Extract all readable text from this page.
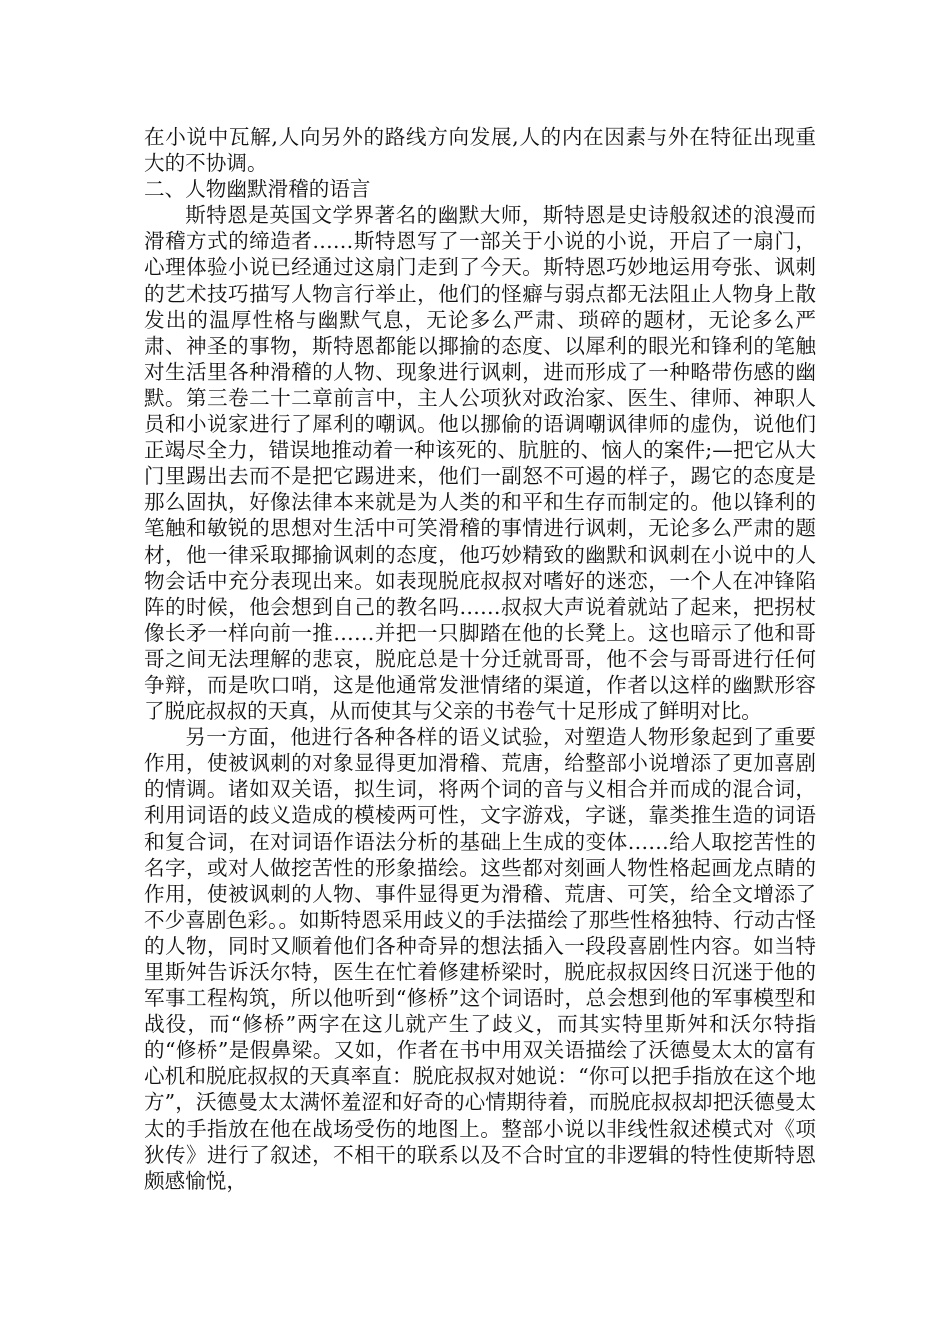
在小说中瓦解,人向另外的路线方向发展,人的内在因素与外在特征出现重大的不协调。

二、人物幽默滑稽的语言

斯特恩是英国文学界著名的幽默大师，斯特恩是史诗般叙述的浪漫而滑稽方式的缔造者……斯特恩写了一部关于小说的小说，开启了一扇门，心理体验小说已经通过这扇门走到了今天。斯特恩巧妙地运用夸张、讽刺的艺术技巧描写人物言行举止，他们的怪癖与弱点都无法阻止人物身上散发出的温厚性格与幽默气息，无论多么严肃、琐碎的题材，无论多么严肃、神圣的事物，斯特恩都能以揶揄的态度、以犀利的眼光和锋利的笔触对生活里各种滑稽的人物、现象进行讽刺，进而形成了一种略带伤感的幽默。第三卷二十二章前言中，主人公项狄对政治家、医生、律师、神职人员和小说家进行了犀利的嘲讽。他以挪偷的语调嘲讽律师的虚伪，说他们正竭尽全力，错误地推动着一种该死的、肮脏的、恼人的案件;—把它从大门里踢出去而不是把它踢进来，他们一副怒不可遏的样子，踢它的态度是那么固执，好像法律本来就是为人类的和平和生存而制定的。他以锋利的笔触和敏锐的思想对生活中可笑滑稽的事情进行讽刺，无论多么严肃的题材，他一律采取揶揄讽刺的态度，他巧妙精致的幽默和讽刺在小说中的人物会话中充分表现出来。如表现脱庇叔叔对嗜好的迷恋，一个人在冲锋陷阵的时候，他会想到自己的教名吗……叔叔大声说着就站了起来，把拐杖像长矛一样向前一推……并把一只脚踏在他的长凳上。这也暗示了他和哥哥之间无法理解的悲哀，脱庇总是十分迁就哥哥，他不会与哥哥进行任何争辩，而是吹口哨，这是他通常发泄情绪的渠道，作者以这样的幽默形容了脱庇叔叔的天真，从而使其与父亲的书卷气十足形成了鲜明对比。

另一方面，他进行各种各样的语义试验，对塑造人物形象起到了重要作用，使被讽刺的对象显得更加滑稽、荒唐，给整部小说增添了更加喜剧的情调。诸如双关语，拟生词，将两个词的音与义相合并而成的混合词，利用词语的歧义造成的模棱两可性，文字游戏，字谜，靠类推生造的词语和复合词，在对词语作语法分析的基础上生成的变体……给人取挖苦性的名字，或对人做挖苦性的形象描绘。这些都对刻画人物性格起画龙点睛的作用，使被讽刺的人物、事件显得更为滑稽、荒唐、可笑，给全文增添了不少喜剧色彩。。如斯特恩采用歧义的手法描绘了那些性格独特、行动古怪的人物，同时又顺着他们各种奇异的想法插入一段段喜剧性内容。如当特里斯舛告诉沃尔特，医生在忙着修建桥梁时，脱庇叔叔因终日沉迷于他的军事工程构筑，所以他听到“修桥”这个词语时，总会想到他的军事模型和战役，而“修桥”两字在这儿就产生了歧义，而其实特里斯舛和沃尔特指的“修桥”是假鼻梁。又如，作者在书中用双关语描绘了沃德曼太太的富有心机和脱庇叔叔的天真率直：脱庇叔叔对她说：“你可以把手指放在这个地方”，沃德曼太太满怀羞涩和好奇的心情期待着，而脱庇叔叔却把沃德曼太太的手指放在他在战场受伤的地图上。整部小说以非线性叙述模式对《项狄传》进行了叙述，不相干的联系以及不合时宜的非逻辑的特性使斯特恩颇感愉悦，
